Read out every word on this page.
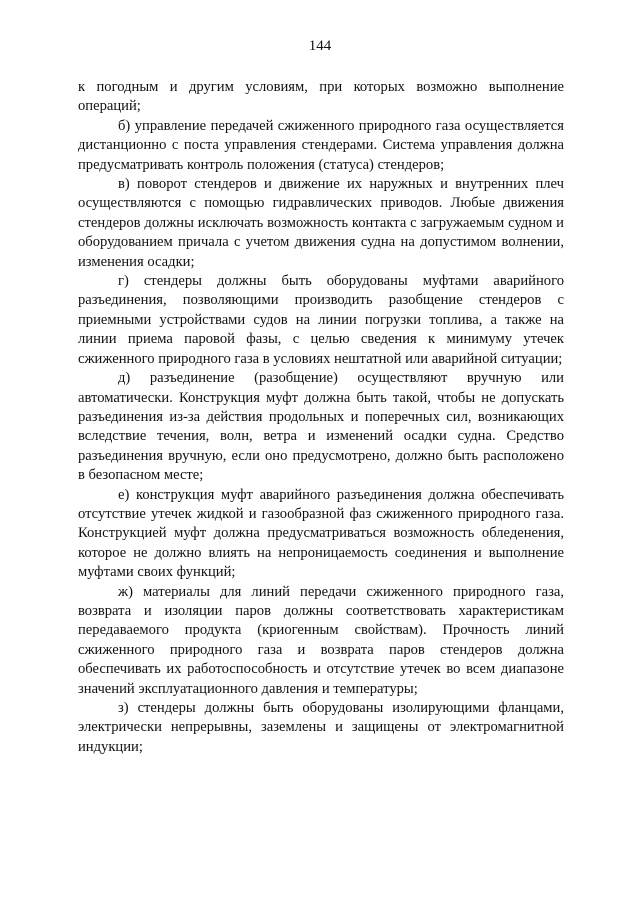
144

к погодным и другим условиям, при которых возможно выполнение операций;

б) управление передачей сжиженного природного газа осуществляется дистанционно с поста управления стендерами. Система управления должна предусматривать контроль положения (статуса) стендеров;

в) поворот стендеров и движение их наружных и внутренних плеч осуществляются с помощью гидравлических приводов. Любые движения стендеров должны исключать возможность контакта с загружаемым судном и оборудованием причала с учетом движения судна на допустимом волнении, изменения осадки;

г) стендеры должны быть оборудованы муфтами аварийного разъединения, позволяющими производить разобщение стендеров с приемными устройствами судов на линии погрузки топлива, а также на линии приема паровой фазы, с целью сведения к минимуму утечек сжиженного природного газа в условиях нештатной или аварийной ситуации;

д) разъединение (разобщение) осуществляют вручную или автоматически. Конструкция муфт должна быть такой, чтобы не допускать разъединения из-за действия продольных и поперечных сил, возникающих вследствие течения, волн, ветра и изменений осадки судна. Средство разъединения вручную, если оно предусмотрено, должно быть расположено в безопасном месте;

е) конструкция муфт аварийного разъединения должна обеспечивать отсутствие утечек жидкой и газообразной фаз сжиженного природного газа. Конструкцией муфт должна предусматриваться возможность обледенения, которое не должно влиять на непроницаемость соединения и выполнение муфтами своих функций;

ж) материалы для линий передачи сжиженного природного газа, возврата и изоляции паров должны соответствовать характеристикам передаваемого продукта (криогенным свойствам). Прочность линий сжиженного природного газа и возврата паров стендеров должна обеспечивать их работоспособность и отсутствие утечек во всем диапазоне значений эксплуатационного давления и температуры;

з) стендеры должны быть оборудованы изолирующими фланцами, электрически непрерывны, заземлены и защищены от электромагнитной индукции;
